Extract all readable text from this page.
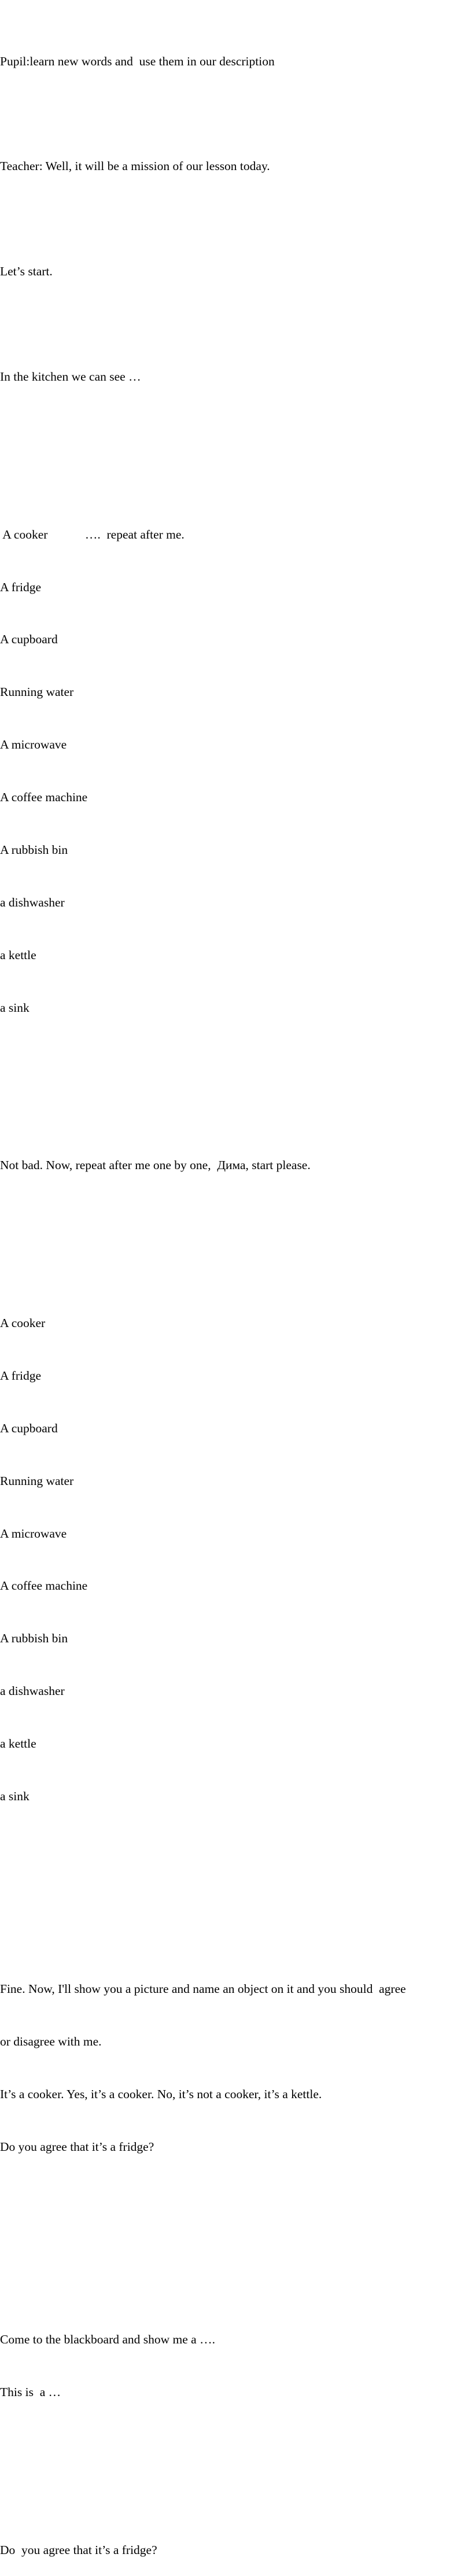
Pupil:learn new words and  use them in our description

Teacher: Well, it will be a mission of our lesson today.

Let’s start.

In the kitchen we can see …

A cooker            ….  repeat after me.

A fridge

A cupboard

Running water

A microwave

A coffee machine

A rubbish bin

a dishwasher

a kettle

a sink

Not bad. Now, repeat after me one by one,  Дима, start please.

A cooker

A fridge

A cupboard

Running water

A microwave

A coffee machine

A rubbish bin

a dishwasher

a kettle

a sink

Fine. Now, I'll show you a picture and name an object on it and you should  agree

or disagree with me.

It’s a cooker. Yes, it’s a cooker. No, it’s not a cooker, it’s a kettle.

Do you agree that it’s a fridge?

Come to the blackboard and show me a ….

This is  a …

Do  you agree that it’s a fridge?
